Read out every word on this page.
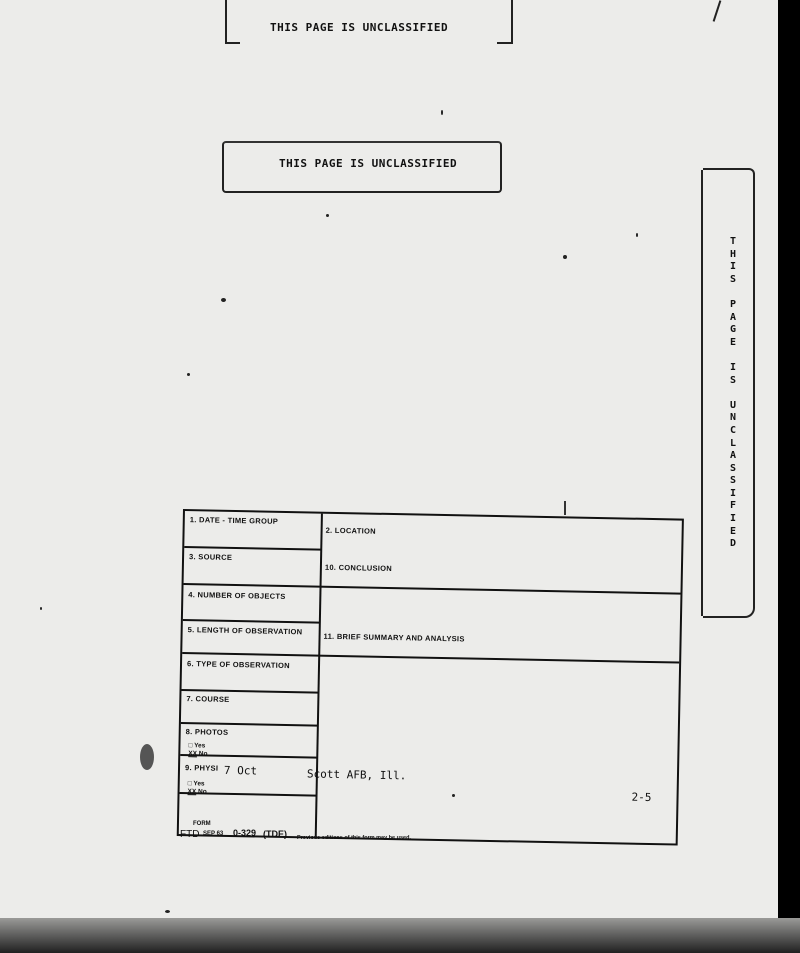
THIS PAGE IS UNCLASSIFIED
THIS PAGE IS UNCLASSIFIED
T
H
I
S

P
A
G
E

I
S

U
N
C
L
A
S
S
I
F
I
E
D
1. DATE - TIME GROUP
2. LOCATION
3. SOURCE
10. CONCLUSION
4. NUMBER OF OBJECTS
5. LENGTH OF OBSERVATION
11. BRIEF SUMMARY AND ANALYSIS
6. TYPE OF OBSERVATION
7. COURSE
8. PHOTOS
□ Yes
XX No
9. PHYSI
□ Yes
XX No
7 Oct	Scott AFB, Ill.
2-5
FORM
FTD SEP 63 0-329 (TDE) Previous editions of this form may be used.
